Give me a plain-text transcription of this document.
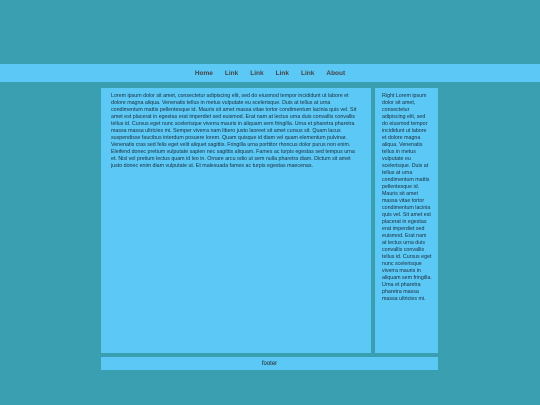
Home	Link	Link	Link	Link	About

Lorem ipsum dolor sit amet, consectetur adipiscing elit, sed do eiusmod tempor incididunt ut labore et dolore magna aliqua. Venenatis tellus in metus vulputate eu scelerisque. Duis at tellus at urna condimentum mattis pellentesque id. Mauris sit amet massa vitae tortor condimentum lacinia quis vel. Sit amet est placerat in egestas erat imperdiet sed euismod. Erat nam at lectus urna duis convallis convallis tellus id. Cursus eget nunc scelerisque viverra mauris in aliquam sem fringilla. Urna et pharetra pharetra massa massa ultricies mi. Semper viverra nam libero justo laoreet sit amet cursus sit. Quam lacus suspendisse faucibus interdum posuere lorem. Quam quisque id diam vel quam elementum pulvinar. Venenatis cras sed felis eget velit aliquet sagittis. Fringilla urna porttitor rhoncus dolor purus non enim. Eleifend donec pretium vulputate sapien nec sagittis aliquam. Fames ac turpis egestas sed tempus urna et. Nisl vel pretium lectus quam id leo in. Ornare arcu odio ut sem nulla pharetra diam. Dictum sit amet justo donec enim diam vulputate ut. Et malesuada fames ac turpis egestas maecenas.

Right Lorem ipsum dolor sit amet, consectetur adipiscing elit, sed do eiusmod tempor incididunt ut labore et dolore magna aliqua. Venenatis tellus in metus vulputate eu scelerisque. Duis at tellus at urna condimentum mattis pellentesque id. Mauris sit amet massa vitae tortor condimentum lacinia quis vel. Sit amet est placerat in egestas erat imperdiet sed euismod. Erat nam at lectus urna duis convallis convallis tellus id. Cursus eget nunc scelerisque viverra mauris in aliquam sem fringilla. Urna et pharetra pharetra massa massa ultricies mi.

footer
